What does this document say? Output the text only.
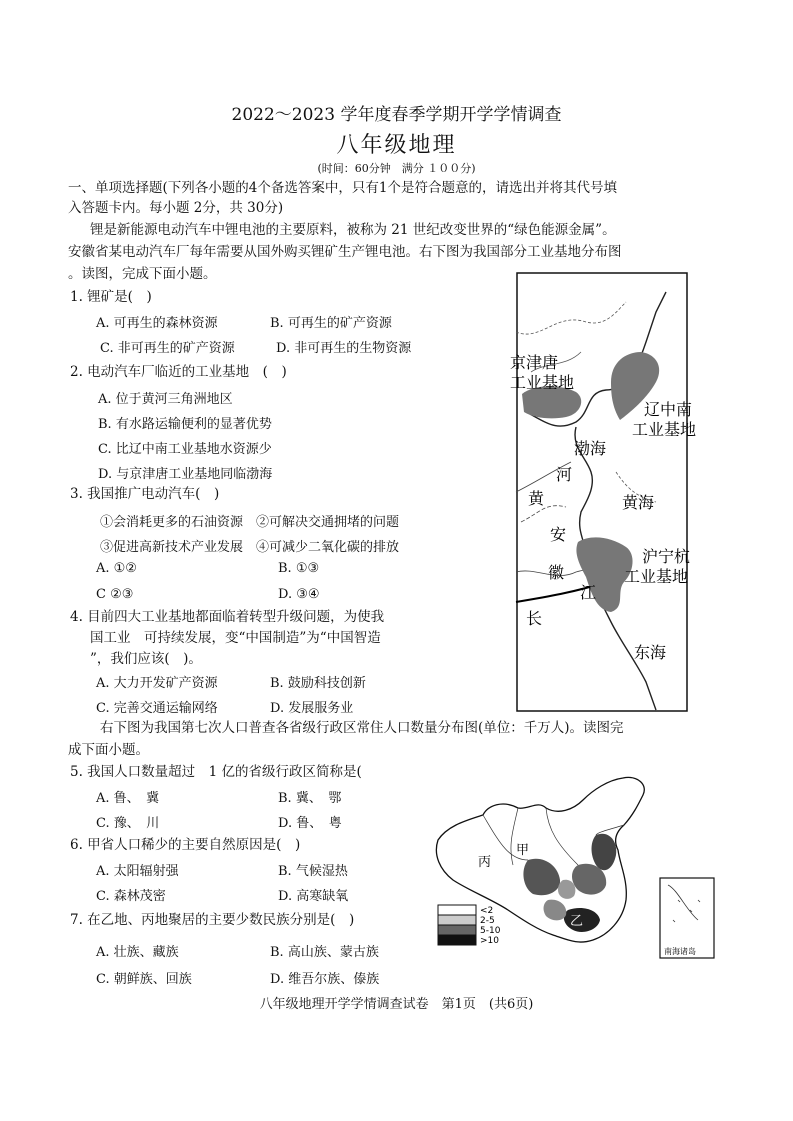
2022～2023 学年度春季学期开学学情调查
八年级地理
(时间：60分钟　满分 １００分)
一、单项选择题(下列各小题的4个备选答案中，只有1个是符合题意的，请选出并将其代号填
入答题卡内。每小题 2分，共 30分)
锂是新能源电动汽车中锂电池的主要原料，被称为 21 世纪改变世界的“绿色能源金属”。
安徽省某电动汽车厂每年需要从国外购买锂矿生产锂电池。右下图为我国部分工业基地分布图
。读图，完成下面小题。
1. 锂矿是(　)
A. 可再生的森林资源	B. 可再生的矿产资源
C. 非可再生的矿产资源	D. 非可再生的生物资源
2. 电动汽车厂临近的工业基地　(　)
A. 位于黄河三角洲地区
B. 有水路运输便利的显著优势
C. 比辽中南工业基地水资源少
D. 与京津唐工业基地同临渤海
3. 我国推广电动汽车(　)
①会消耗更多的石油资源　②可解决交通拥堵的问题
③促进高新技术产业发展　④可减少二氧化碳的排放
A. ①②	B. ①③
C ②③	D. ③④
4. 目前四大工业基地都面临着转型升级问题，为使我
国工业　可持续发展，变“中国制造”为“中国智造
”，我们应该(　)。
A. 大力开发矿产资源	B. 鼓励科技创新
C. 完善交通运输网络	D. 发展服务业
右下图为我国第七次人口普查各省级行政区常住人口数量分布图(单位：千万人)。读图完
成下面小题。
5. 我国人口数量超过　1 亿的省级行政区简称是(
A. 鲁、　冀	B. 冀、　鄂
C. 豫、　川	D. 鲁、　粤
6. 甲省人口稀少的主要自然原因是(　)
A. 太阳辐射强	B. 气候湿热
C. 森林茂密	D. 高寒缺氧
7. 在乙地、丙地聚居的主要少数民族分别是(　)
A. 壮族、藏族	B. 高山族、蒙古族
C. 朝鲜族、回族	D. 维吾尔族、傣族
八年级地理开学学情调查试卷　第1页　(共6页)
京津唐
工业基地
辽中南
工业基地
渤海
河
黄	黄海
安
徽
江
长
沪宁杭
工业基地
东海
甲
丙
乙
<2
2-5
5-10
>10
南海诸岛
